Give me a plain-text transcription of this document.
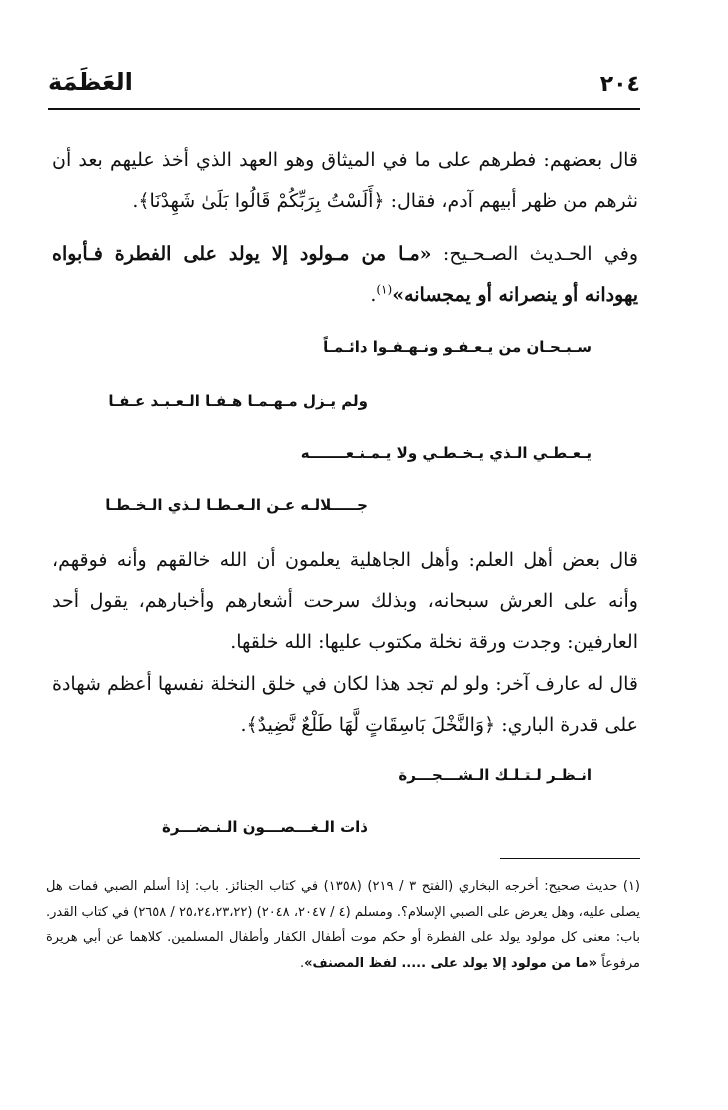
٢٠٤
العَظَمَة

قال بعضهم: فطرهم على ما في الميثاق وهو العهد الذي أخذ عليهم بعد أن نثرهم من ظهر أبيهم آدم، فقال: ﴿أَلَسْتُ بِرَبِّكُمْ قَالُوا بَلَىٰ شَهِدْنَا﴾.

وفي الحـديث الصـحـيح: «مـا من مـولود إلا يولد على الفطرة فـأبواه يهودانه أو ينصرانه أو يمجسانه»$^{(١)}$.

سـبـحـان من يـعـفـو ونـهـفـوا دائـمـاً
ولم يـزل مـهـمـا هـفـا الـعـبـد عـفـا
يـعـطـي الـذي يـخـطـي ولا يـمـنـعـــــــه
جـــــلالـه عـن الـعـطـا لـذي الـخـطـا

قال بعض أهل العلم: وأهل الجاهلية يعلمون أن الله خالقهم وأنه فوقهم، وأنه على العرش سبحانه، وبذلك سرحت أشعارهم وأخبارهم، يقول أحد العارفين: وجدت ورقة نخلة مكتوب عليها: الله خلقها.

قال له عارف آخر: ولو لم تجد هذا لكان في خلق النخلة نفسها أعظم شهادة على قدرة الباري: ﴿وَالنَّخْلَ بَاسِقَاتٍ لَّهَا طَلْعٌ نَّضِيدٌ﴾.

انـظـر لـتـلـك الـشـــجـــرة
ذات الـغـــصـــون الـنـضـــرة

(١) حديث صحيح: أخرجه البخاري (الفتح ٣ / ٢١٩) (١٣٥٨) في كتاب الجنائز. باب: إذا أسلم الصبي فمات هل يصلى عليه، وهل يعرض على الصبي الإسلام؟. ومسلم (٤ / ٢٠٤٧، ٢٠٤٨) (٢٥،٢٤،٢٣،٢٢ / ٢٦٥٨) في كتاب القدر. باب: معنى كل مولود يولد على الفطرة أو حكم موت أطفال الكفار وأطفال المسلمين. كلاهما عن أبي هريرة مرفوعاً «ما من مولود إلا يولد على ..... لفظ المصنف».
